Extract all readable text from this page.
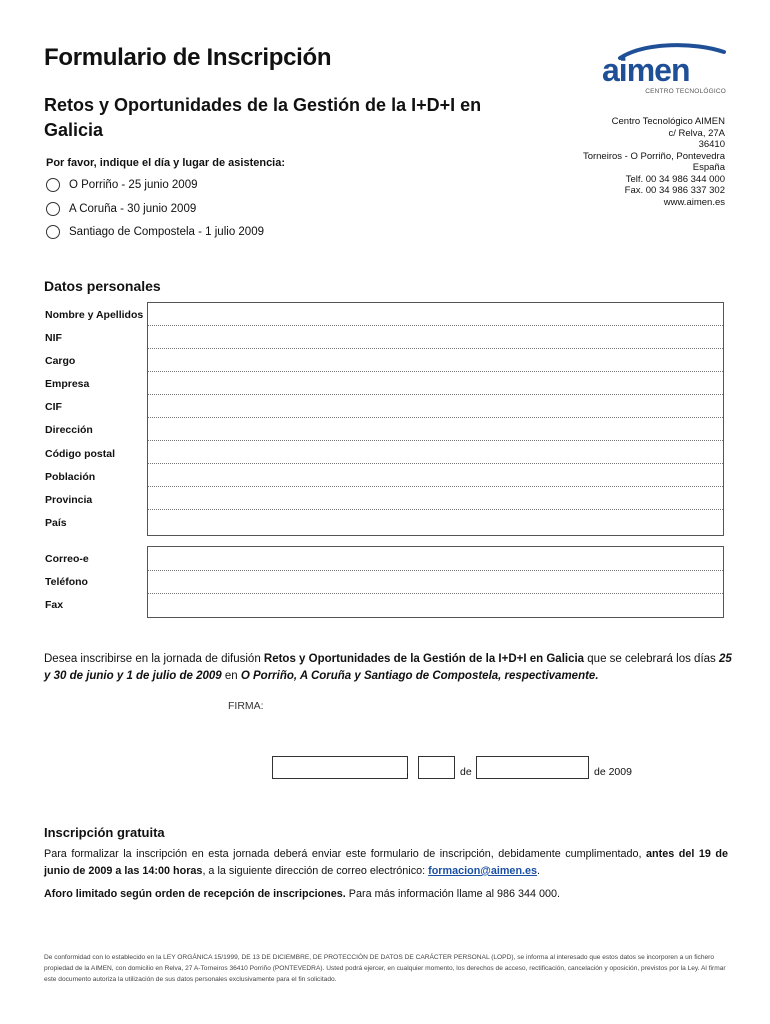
Formulario de Inscripción
Retos y Oportunidades de la Gestión de la I+D+I en Galicia
Por favor, indique el día y lugar de asistencia:
O Porriño - 25 junio 2009
A Coruña - 30 junio 2009
Santiago de Compostela - 1 julio 2009
aimen
CENTRO TECNOLÓGICO
Centro Tecnológico AIMEN
c/ Relva, 27A
36410
Torneiros - O Porriño, Pontevedra
España
Telf. 00 34 986 344 000
Fax. 00 34 986 337 302
www.aimen.es
Datos personales
Nombre y Apellidos
NIF
Cargo
Empresa
CIF
Dirección
Código postal
Población
Provincia
País
Correo-e
Teléfono
Fax
Desea inscribirse en la jornada de difusión Retos y Oportunidades de la Gestión de la I+D+I en Galicia que se celebrará los días 25 y 30 de junio y 1 de julio de 2009 en O Porriño, A Coruña y Santiago de Compostela, respectivamente.
FIRMA:
,	de	de 2009
Inscripción gratuita
Para formalizar la inscripción en esta jornada deberá enviar este formulario de inscripción, debidamente cumplimentado, antes del 19 de junio de 2009 a las 14:00 horas, a la siguiente dirección de correo electrónico: formacion@aimen.es.
Aforo limitado según orden de recepción de inscripciones. Para más información llame al 986 344 000.
De conformidad con lo establecido en la LEY ORGÁNICA 15/1999, DE 13 DE DICIEMBRE, DE PROTECCIÓN DE DATOS DE CARÁCTER PERSONAL (LOPD), se informa al interesado que estos datos se incorporen a un fichero propiedad de la AIMEN, con domicilio en Relva, 27 A-Torneiros 36410 Porriño (PONTEVEDRA). Usted podrá ejercer, en cualquier momento, los derechos de acceso, rectificación, cancelación y oposición, previstos por la Ley. Al firmar este documento autoriza la utilización de sus datos personales exclusivamente para el fin solicitado.
